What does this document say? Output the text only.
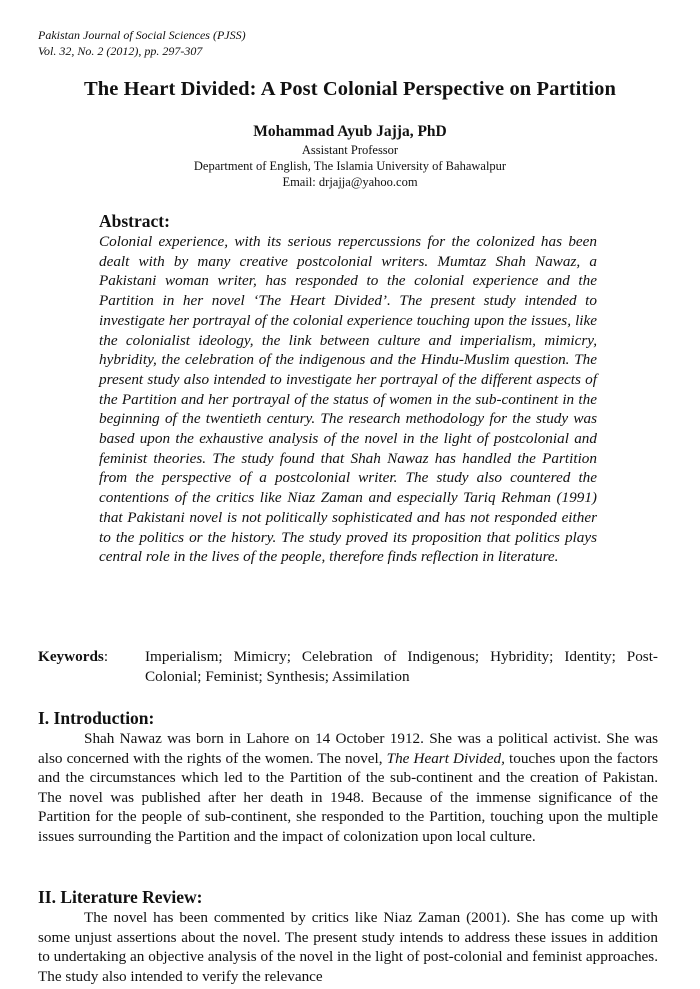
Pakistan Journal of Social Sciences (PJSS)
Vol. 32, No. 2 (2012), pp. 297-307
The Heart Divided: A Post Colonial Perspective on Partition
Mohammad Ayub Jajja, PhD
Assistant Professor
Department of English, The Islamia University of Bahawalpur
Email: drjajja@yahoo.com
Abstract:

Colonial experience, with its serious repercussions for the colonized has been dealt with by many creative postcolonial writers. Mumtaz Shah Nawaz, a Pakistani woman writer, has responded to the colonial experience and the Partition in her novel ‘The Heart Divided’. The present study intended to investigate her portrayal of the colonial experience touching upon the issues, like the colonialist ideology, the link between culture and imperialism, mimicry, hybridity, the celebration of the indigenous and the Hindu-Muslim question. The present study also intended to investigate her portrayal of the different aspects of the Partition and her portrayal of the status of women in the sub-continent in the beginning of the twentieth century. The research methodology for the study was based upon the exhaustive analysis of the novel in the light of postcolonial and feminist theories. The study found that Shah Nawaz has handled the Partition from the perspective of a postcolonial writer. The study also countered the contentions of the critics like Niaz Zaman and especially Tariq Rehman (1991) that Pakistani novel is not politically sophisticated and has not responded either to the politics or the history. The study proved its proposition that politics plays central role in the lives of the people, therefore finds reflection in literature.

Keywords: Imperialism; Mimicry; Celebration of Indigenous; Hybridity; Identity; Post-Colonial; Feminist; Synthesis; Assimilation
I. Introduction:

Shah Nawaz was born in Lahore on 14 October 1912. She was a political activist. She was also concerned with the rights of the women. The novel, The Heart Divided, touches upon the factors and the circumstances which led to the Partition of the sub-continent and the creation of Pakistan. The novel was published after her death in 1948. Because of the immense significance of the Partition for the people of sub-continent, she responded to the Partition, touching upon the multiple issues surrounding the Partition and the impact of colonization upon local culture.

II. Literature Review:

The novel has been commented by critics like Niaz Zaman (2001). She has come up with some unjust assertions about the novel. The present study intends to address these issues in addition to undertaking an objective analysis of the novel in the light of post-colonial and feminist approaches. The study also intended to verify the relevance
